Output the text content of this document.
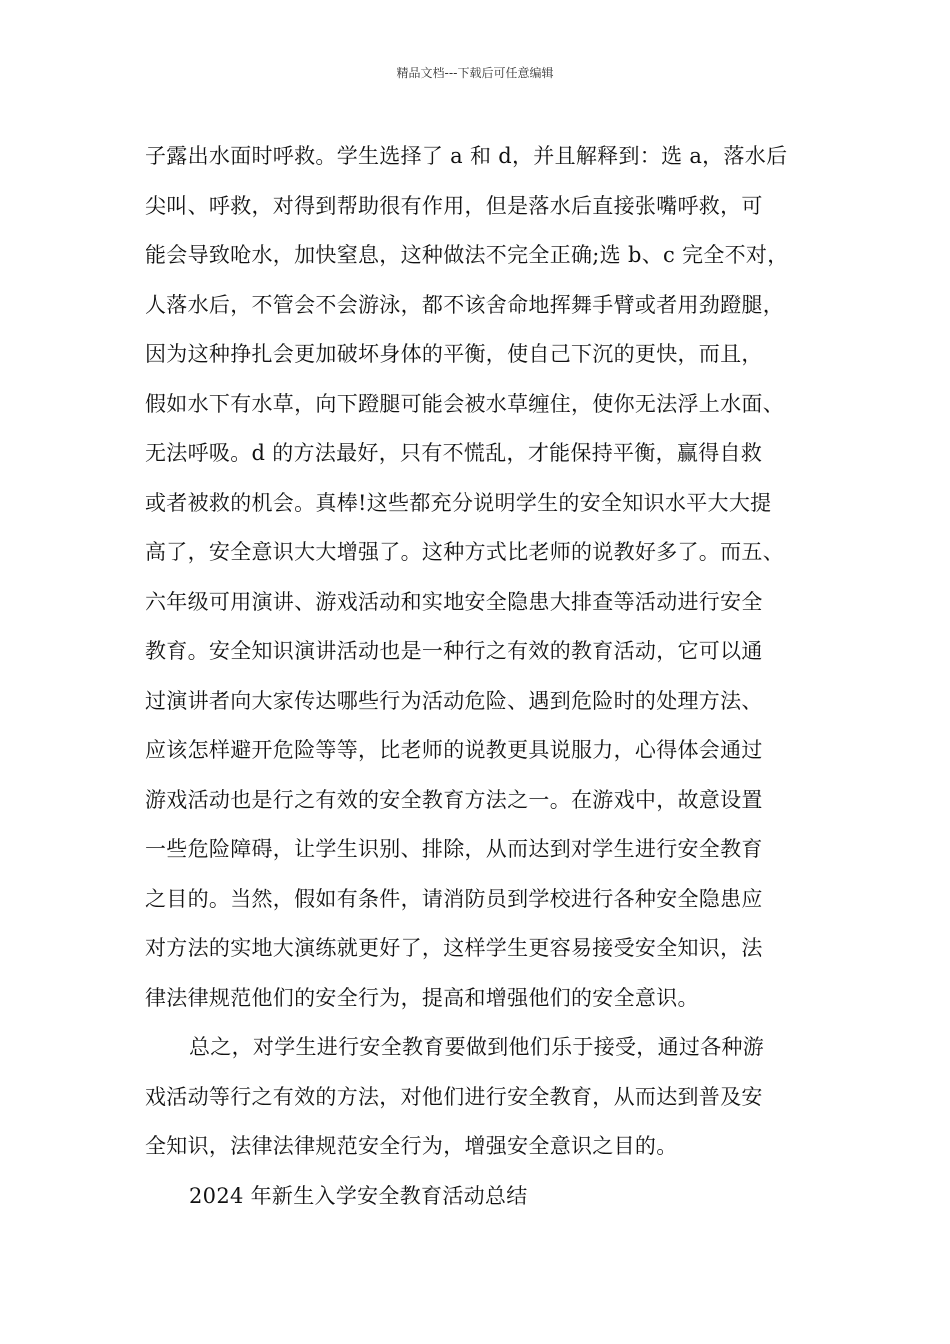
精品文档---下载后可任意编辑
子露出水面时呼救。学生选择了 a 和 d，并且解释到：选 a，落水后
尖叫、呼救，对得到帮助很有作用，但是落水后直接张嘴呼救，可
能会导致呛水，加快窒息，这种做法不完全正确;选 b、c 完全不对，
人落水后，不管会不会游泳，都不该舍命地挥舞手臂或者用劲蹬腿，
因为这种挣扎会更加破坏身体的平衡，使自己下沉的更快，而且，
假如水下有水草，向下蹬腿可能会被水草缠住，使你无法浮上水面、
无法呼吸。d 的方法最好，只有不慌乱，才能保持平衡，赢得自救
或者被救的机会。真棒!这些都充分说明学生的安全知识水平大大提
高了，安全意识大大增强了。这种方式比老师的说教好多了。而五、
六年级可用演讲、游戏活动和实地安全隐患大排查等活动进行安全
教育。安全知识演讲活动也是一种行之有效的教育活动，它可以通
过演讲者向大家传达哪些行为活动危险、遇到危险时的处理方法、
应该怎样避开危险等等，比老师的说教更具说服力，心得体会通过
游戏活动也是行之有效的安全教育方法之一。在游戏中，故意设置
一些危险障碍，让学生识别、排除，从而达到对学生进行安全教育
之目的。当然，假如有条件，请消防员到学校进行各种安全隐患应
对方法的实地大演练就更好了，这样学生更容易接受安全知识，法
律法律规范他们的安全行为，提高和增强他们的安全意识。
总之，对学生进行安全教育要做到他们乐于接受，通过各种游
戏活动等行之有效的方法，对他们进行安全教育，从而达到普及安
全知识，法律法律规范安全行为，增强安全意识之目的。
2024 年新生入学安全教育活动总结
